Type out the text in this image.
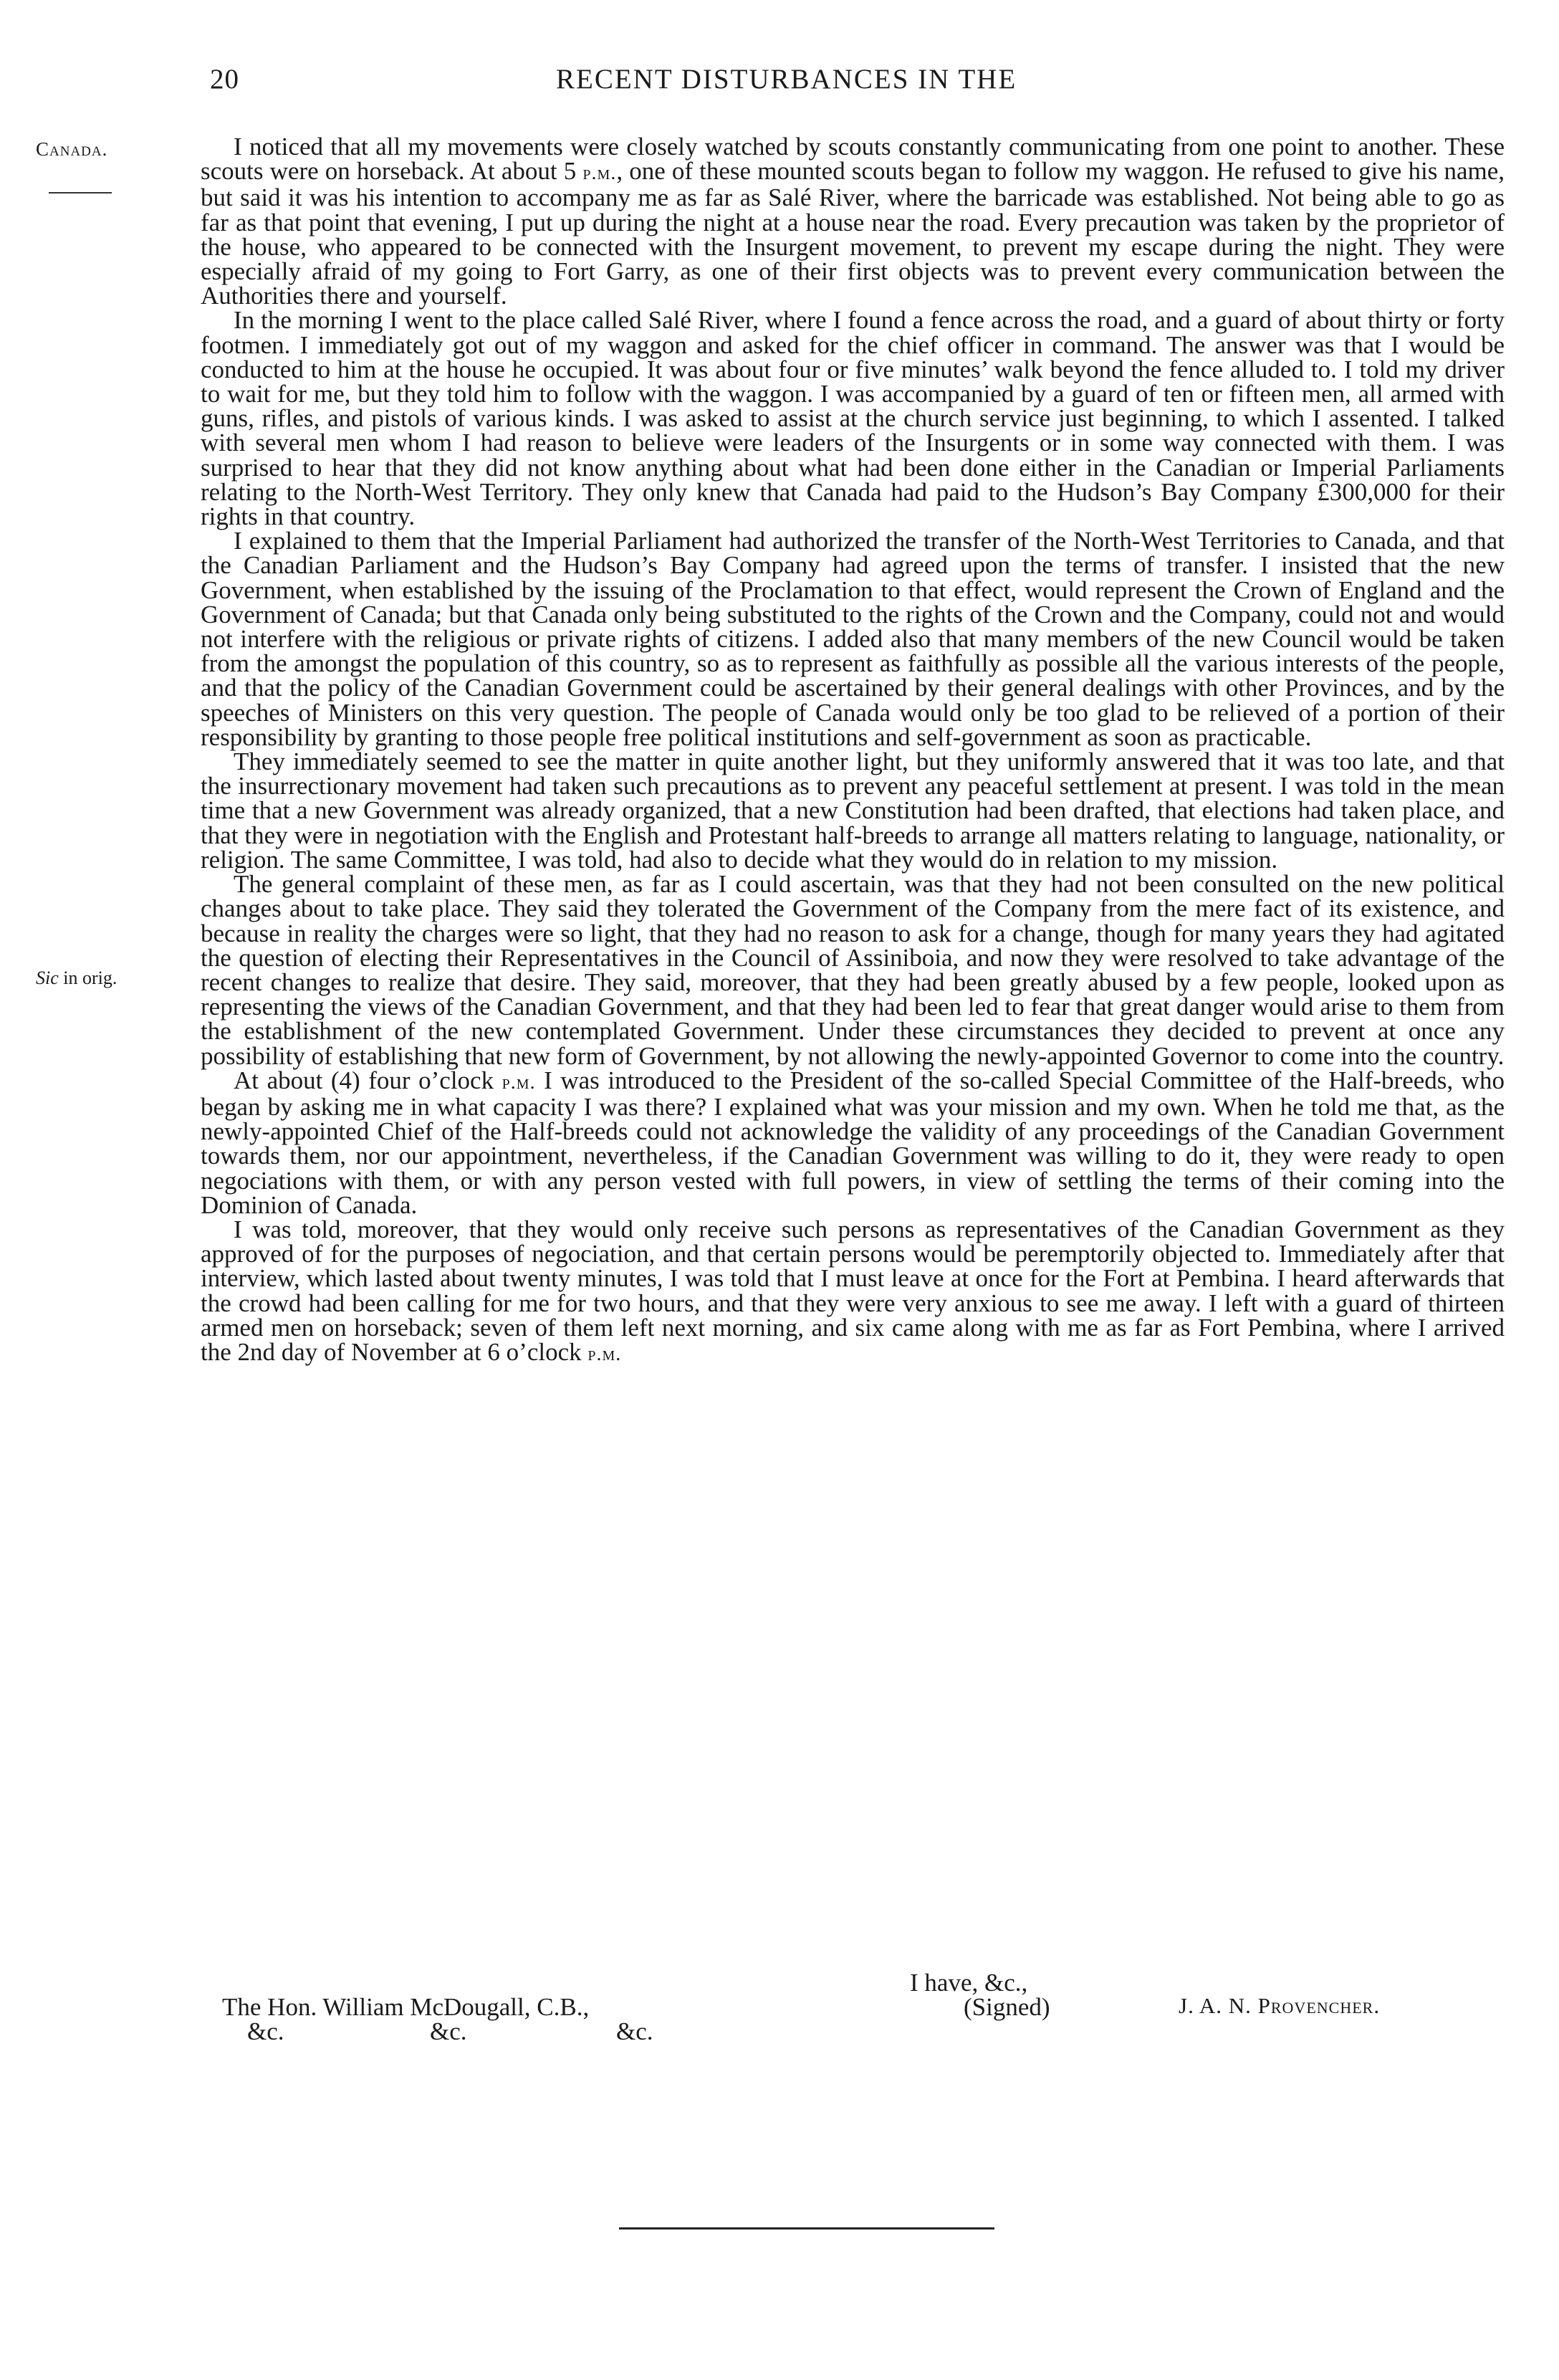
20	RECENT DISTURBANCES IN THE
Canada.
Sic in orig.

I noticed that all my movements were closely watched by scouts constantly communicating from one point to another. These scouts were on horseback. At about 5 p.m., one of these mounted scouts began to follow my waggon. He refused to give his name, but said it was his intention to accompany me as far as Salé River, where the barricade was established. Not being able to go as far as that point that evening, I put up during the night at a house near the road. Every precaution was taken by the proprietor of the house, who appeared to be connected with the Insurgent movement, to prevent my escape during the night. They were especially afraid of my going to Fort Garry, as one of their first objects was to prevent every communication between the Authorities there and yourself.

In the morning I went to the place called Salé River, where I found a fence across the road, and a guard of about thirty or forty footmen. I immediately got out of my waggon and asked for the chief officer in command. The answer was that I would be conducted to him at the house he occupied. It was about four or five minutes’ walk beyond the fence alluded to. I told my driver to wait for me, but they told him to follow with the waggon. I was accompanied by a guard of ten or fifteen men, all armed with guns, rifles, and pistols of various kinds. I was asked to assist at the church service just beginning, to which I assented. I talked with several men whom I had reason to believe were leaders of the Insurgents or in some way connected with them. I was surprised to hear that they did not know anything about what had been done either in the Canadian or Imperial Parliaments relating to the North-West Territory. They only knew that Canada had paid to the Hudson’s Bay Company £300,000 for their rights in that country.

I explained to them that the Imperial Parliament had authorized the transfer of the North-West Territories to Canada, and that the Canadian Parliament and the Hudson’s Bay Company had agreed upon the terms of transfer. I insisted that the new Government, when established by the issuing of the Proclamation to that effect, would represent the Crown of England and the Government of Canada; but that Canada only being substituted to the rights of the Crown and the Company, could not and would not interfere with the religious or private rights of citizens. I added also that many members of the new Council would be taken from the amongst the population of this country, so as to represent as faithfully as possible all the various interests of the people, and that the policy of the Canadian Government could be ascertained by their general dealings with other Provinces, and by the speeches of Ministers on this very question. The people of Canada would only be too glad to be relieved of a portion of their responsibility by granting to those people free political institutions and self-government as soon as practicable.

They immediately seemed to see the matter in quite another light, but they uniformly answered that it was too late, and that the insurrectionary movement had taken such precautions as to prevent any peaceful settlement at present. I was told in the mean time that a new Government was already organized, that a new Constitution had been drafted, that elections had taken place, and that they were in negotiation with the English and Protestant half-breeds to arrange all matters relating to language, nationality, or religion. The same Committee, I was told, had also to decide what they would do in relation to my mission.

The general complaint of these men, as far as I could ascertain, was that they had not been consulted on the new political changes about to take place. They said they tolerated the Government of the Company from the mere fact of its existence, and because in reality the charges were so light, that they had no reason to ask for a change, though for many years they had agitated the question of electing their Representatives in the Council of Assiniboia, and now they were resolved to take advantage of the recent changes to realize that desire. They said, moreover, that they had been greatly abused by a few people, looked upon as representing the views of the Canadian Government, and that they had been led to fear that great danger would arise to them from the establishment of the new contemplated Government. Under these circumstances they decided to prevent at once any possibility of establishing that new form of Government, by not allowing the newly-appointed Governor to come into the country.

At about (4) four o’clock p.m. I was introduced to the President of the so-called Special Committee of the Half-breeds, who began by asking me in what capacity I was there? I explained what was your mission and my own. When he told me that, as the newly-appointed Chief of the Half-breeds could not acknowledge the validity of any proceedings of the Canadian Government towards them, nor our appointment, nevertheless, if the Canadian Government was willing to do it, they were ready to open negociations with them, or with any person vested with full powers, in view of settling the terms of their coming into the Dominion of Canada.

I was told, moreover, that they would only receive such persons as representatives of the Canadian Government as they approved of for the purposes of negociation, and that certain persons would be peremptorily objected to. Immediately after that interview, which lasted about twenty minutes, I was told that I must leave at once for the Fort at Pembina. I heard afterwards that the crowd had been calling for me for two hours, and that they were very anxious to see me away. I left with a guard of thirteen armed men on horseback; seven of them left next morning, and six came along with me as far as Fort Pembina, where I arrived the 2nd day of November at 6 o’clock p.m.

I have, &c.,
The Hon. William McDougall, C.B.,	(Signed)	J. A. N. Provencher.
&c.	&c.	&c.
